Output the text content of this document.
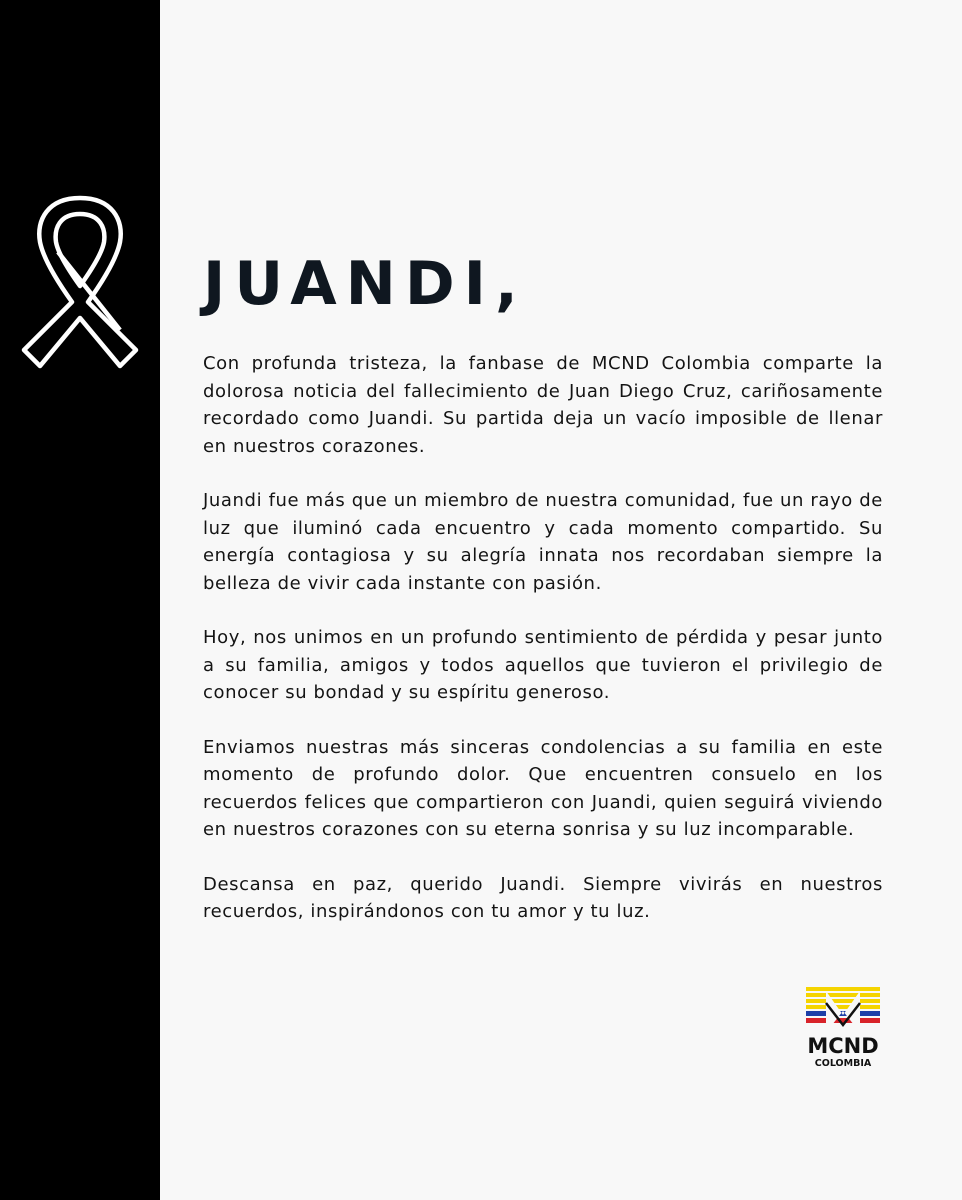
JUANDI,

Con profunda tristeza, la fanbase de MCND Colombia comparte la dolorosa noticia del fallecimiento de Juan Diego Cruz, cariñosamente recordado como Juandi. Su partida deja un vacío imposible de llenar en nuestros corazones.

Juandi fue más que un miembro de nuestra comunidad, fue un rayo de luz que iluminó cada encuentro y cada momento compartido. Su energía contagiosa y su alegría innata nos recordaban siempre la belleza de vivir cada instante con pasión.

Hoy, nos unimos en un profundo sentimiento de pérdida y pesar junto a su familia, amigos y todos aquellos que tuvieron el privilegio de conocer su bondad y su espíritu generoso.

Enviamos nuestras más sinceras condolencias a su familia en este momento de profundo dolor. Que encuentren consuelo en los recuerdos felices que compartieron con Juandi, quien seguirá viviendo en nuestros corazones con su eterna sonrisa y su luz incomparable.

Descansa en paz, querido Juandi. Siempre vivirás en nuestros recuerdos, inspirándonos con tu amor y tu luz.

MCND
COLOMBIA
